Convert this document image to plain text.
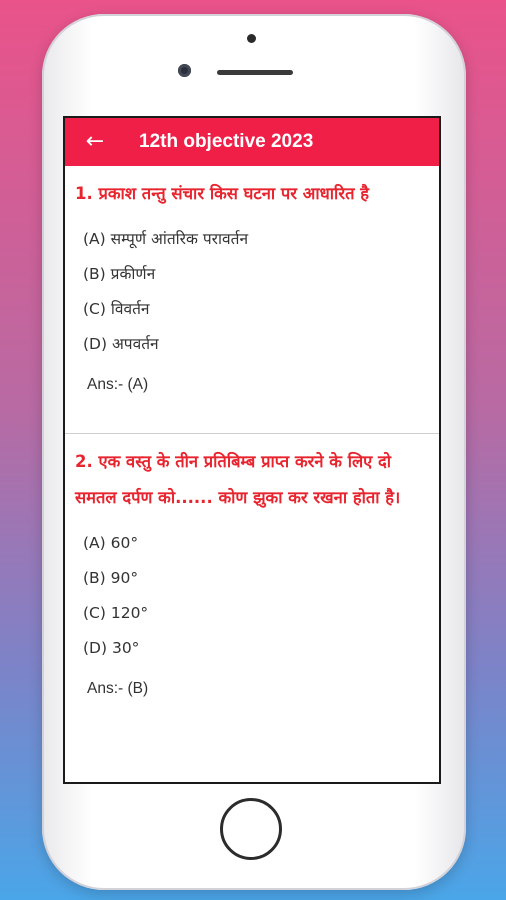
←	12th objective 2023

1. प्रकाश तन्तु संचार किस घटना पर आधारित है

(A) सम्पूर्ण आंतरिक परावर्तन
(B) प्रकीर्णन
(C) विवर्तन
(D) अपवर्तन
Ans:- (A)

2. एक वस्तु के तीन प्रतिबिम्ब प्राप्त करने के लिए दो समतल दर्पण को...... कोण झुका कर रखना होता है।

(A) 60°
(B) 90°
(C) 120°
(D) 30°
Ans:- (B)
